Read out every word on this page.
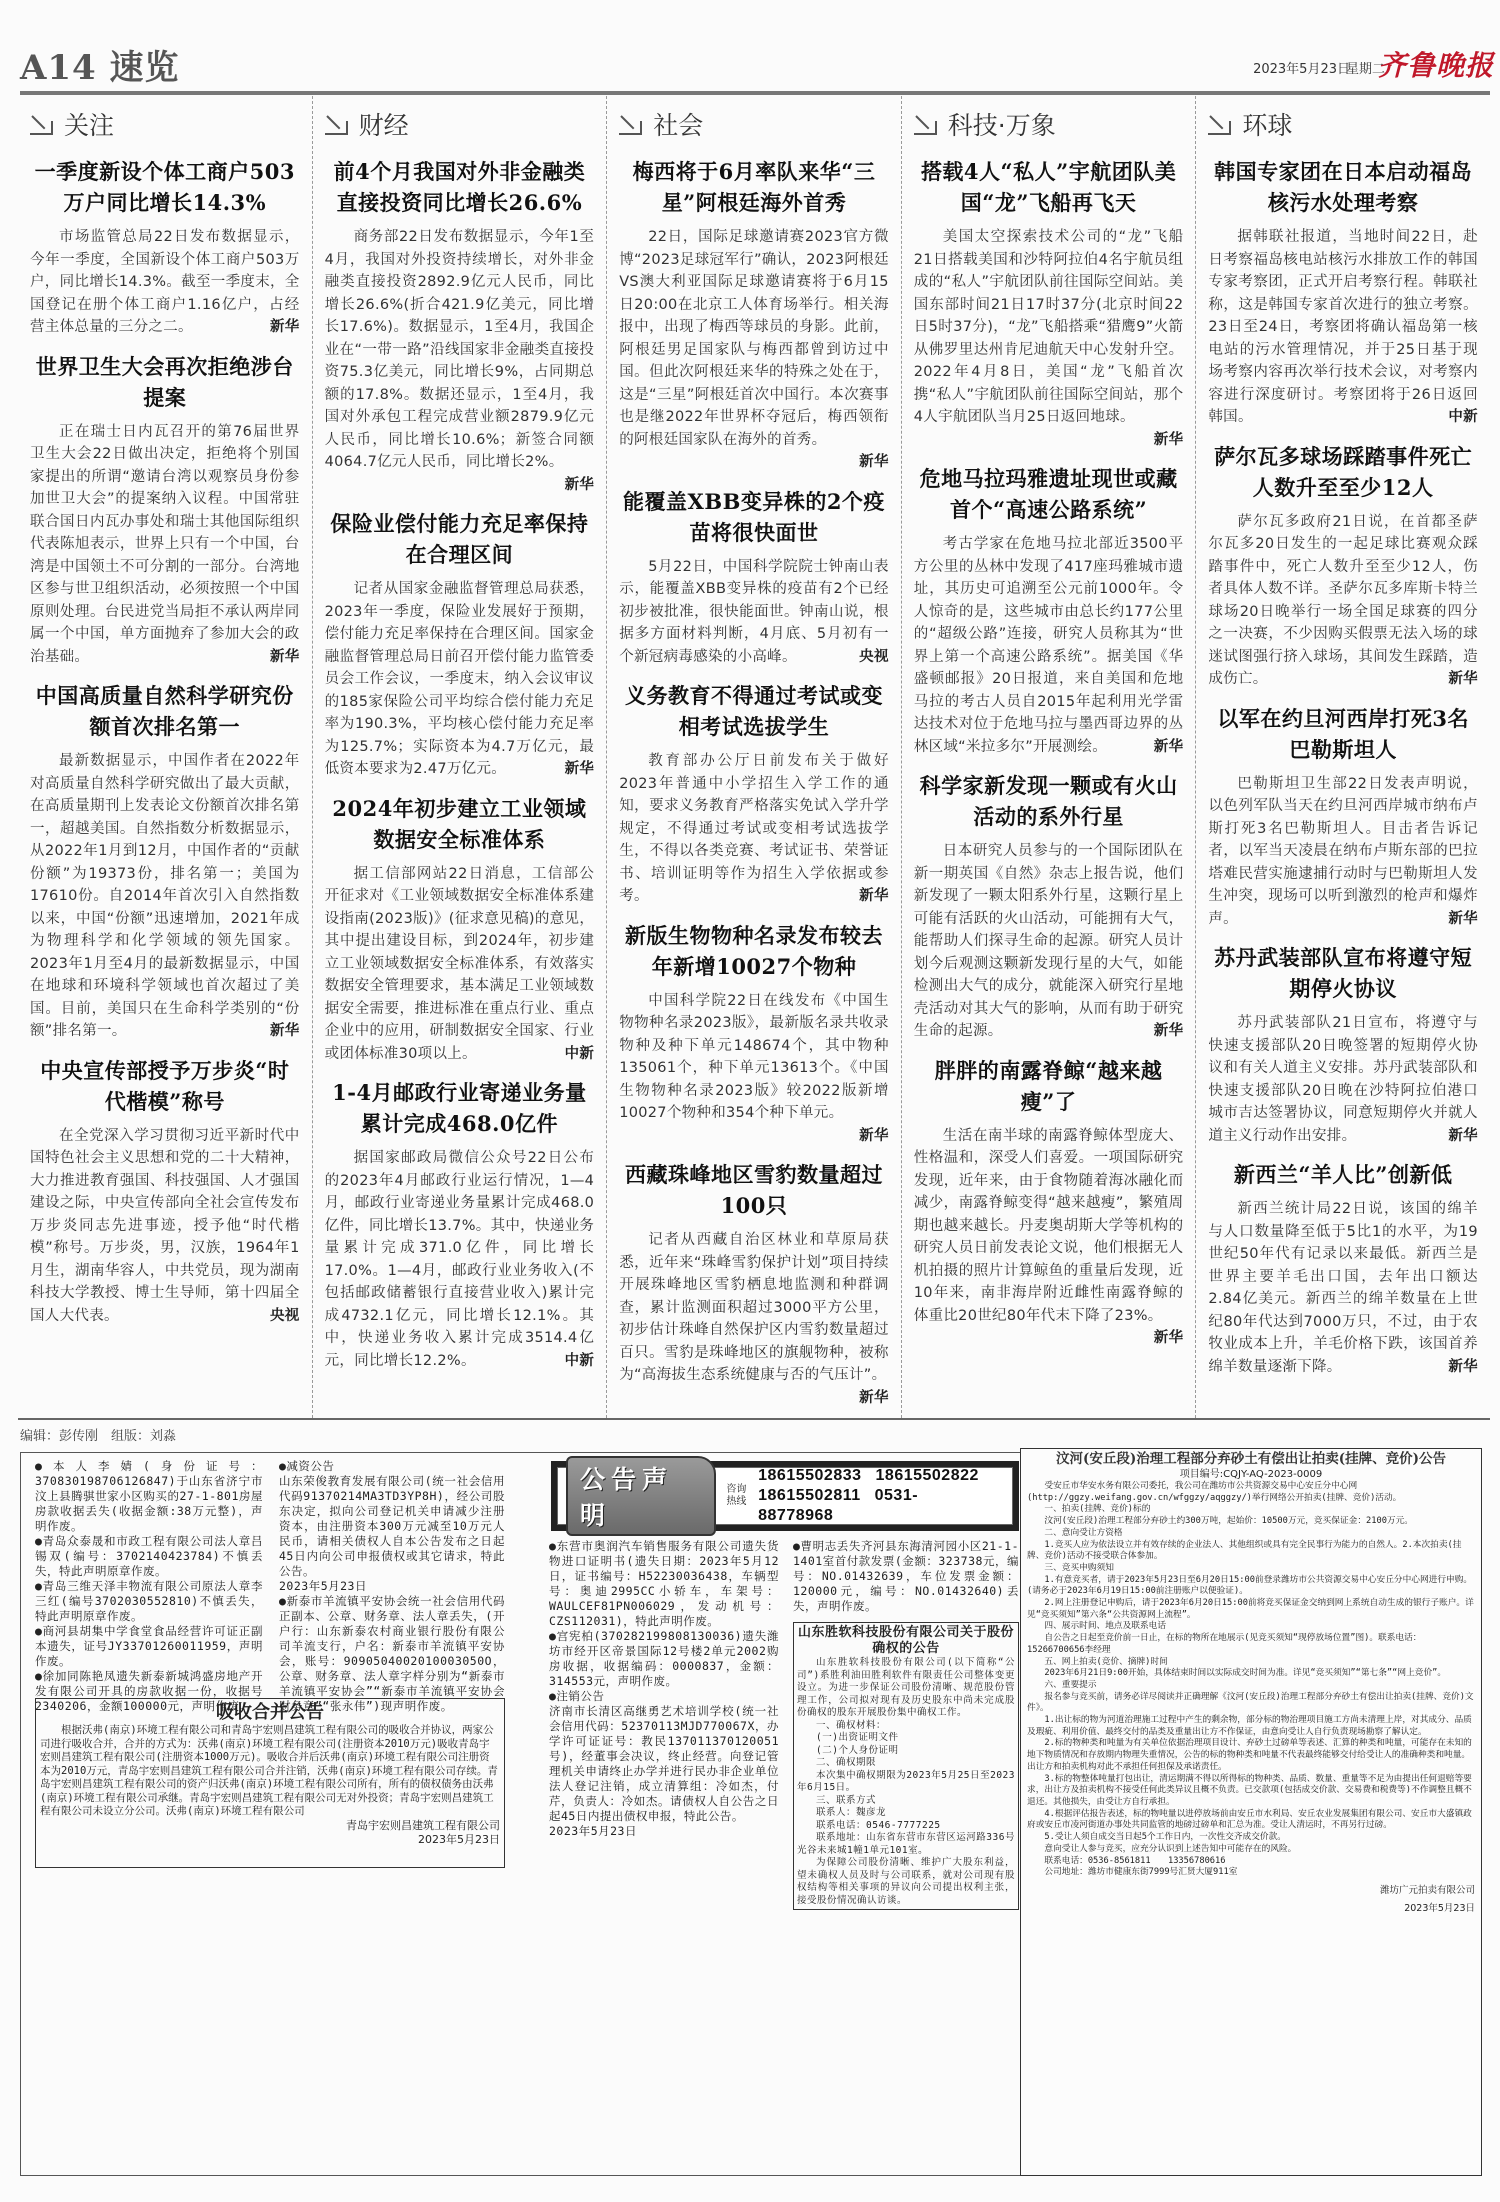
A14 速览	2023年5月23日
星期二
齐鲁晚报
关注
一季度新设个体工商户503万户同比增长14.3%
市场监管总局22日发布数据显示，今年一季度，全国新设个体工商户503万户，同比增长14.3%。截至一季度末，全国登记在册个体工商户1.16亿户，占经营主体总量的三分之二。	新华
世界卫生大会再次拒绝涉台提案
正在瑞士日内瓦召开的第76届世界卫生大会22日做出决定，拒绝将个别国家提出的所谓“邀请台湾以观察员身份参加世卫大会”的提案纳入议程。中国常驻联合国日内瓦办事处和瑞士其他国际组织代表陈旭表示，世界上只有一个中国，台湾是中国领土不可分割的一部分。台湾地区参与世卫组织活动，必须按照一个中国原则处理。台民进党当局拒不承认两岸同属一个中国，单方面抛弃了参加大会的政治基础。	新华
中国高质量自然科学研究份额首次排名第一
最新数据显示，中国作者在2022年对高质量自然科学研究做出了最大贡献，在高质量期刊上发表论文份额首次排名第一，超越美国。自然指数分析数据显示，从2022年1月到12月，中国作者的“贡献份额”为19373份，排名第一；美国为17610份。自2014年首次引入自然指数以来，中国“份额”迅速增加，2021年成为物理科学和化学领域的领先国家。2023年1月至4月的最新数据显示，中国在地球和环境科学领域也首次超过了美国。目前，美国只在生命科学类别的“份额”排名第一。	新华
中央宣传部授予万步炎“时代楷模”称号
在全党深入学习贯彻习近平新时代中国特色社会主义思想和党的二十大精神，大力推进教育强国、科技强国、人才强国建设之际，中央宣传部向全社会宣传发布万步炎同志先进事迹，授予他“时代楷模”称号。万步炎，男，汉族，1964年1月生，湖南华容人，中共党员，现为湖南科技大学教授、博士生导师，第十四届全国人大代表。	央视
财经
前4个月我国对外非金融类直接投资同比增长26.6%
商务部22日发布数据显示，今年1至4月，我国对外投资持续增长，对外非金融类直接投资2892.9亿元人民币，同比增长26.6%(折合421.9亿美元，同比增长17.6%)。数据显示，1至4月，我国企业在“一带一路”沿线国家非金融类直接投资75.3亿美元，同比增长9%，占同期总额的17.8%。数据还显示，1至4月，我国对外承包工程完成营业额2879.9亿元人民币，同比增长10.6%；新签合同额4064.7亿元人民币，同比增长2%。
新华
保险业偿付能力充足率保持在合理区间
记者从国家金融监督管理总局获悉，2023年一季度，保险业发展好于预期，偿付能力充足率保持在合理区间。国家金融监督管理总局日前召开偿付能力监管委员会工作会议，一季度末，纳入会议审议的185家保险公司平均综合偿付能力充足率为190.3%，平均核心偿付能力充足率为125.7%；实际资本为4.7万亿元，最低资本要求为2.47万亿元。	新华
2024年初步建立工业领域数据安全标准体系
据工信部网站22日消息，工信部公开征求对《工业领域数据安全标准体系建设指南(2023版)》(征求意见稿)的意见，其中提出建设目标，到2024年，初步建立工业领域数据安全标准体系，有效落实数据安全管理要求，基本满足工业领域数据安全需要，推进标准在重点行业、重点企业中的应用，研制数据安全国家、行业或团体标准30项以上。	中新
1-4月邮政行业寄递业务量累计完成468.0亿件
据国家邮政局微信公众号22日公布的2023年4月邮政行业运行情况，1—4月，邮政行业寄递业务量累计完成468.0亿件，同比增长13.7%。其中，快递业务量累计完成371.0亿件，同比增长17.0%。1—4月，邮政行业业务收入(不包括邮政储蓄银行直接营业收入)累计完成4732.1亿元，同比增长12.1%。其中，快递业务收入累计完成3514.4亿元，同比增长12.2%。	中新
社会
梅西将于6月率队来华“三星”阿根廷海外首秀
22日，国际足球邀请赛2023官方微博“2023足球冠军行”确认，2023阿根廷VS澳大利亚国际足球邀请赛将于6月15日20:00在北京工人体育场举行。相关海报中，出现了梅西等球员的身影。此前，阿根廷男足国家队与梅西都曾到访过中国。但此次阿根廷来华的特殊之处在于，这是“三星”阿根廷首次中国行。本次赛事也是继2022年世界杯夺冠后，梅西领衔的阿根廷国家队在海外的首秀。
新华
能覆盖XBB变异株的2个疫苗将很快面世
5月22日，中国科学院院士钟南山表示，能覆盖XBB变异株的疫苗有2个已经初步被批准，很快能面世。钟南山说，根据多方面材料判断，4月底、5月初有一个新冠病毒感染的小高峰。	央视
义务教育不得通过考试或变相考试选拔学生
教育部办公厅日前发布关于做好2023年普通中小学招生入学工作的通知，要求义务教育严格落实免试入学升学规定，不得通过考试或变相考试选拔学生，不得以各类竞赛、考试证书、荣誉证书、培训证明等作为招生入学依据或参考。	新华
新版生物物种名录发布较去年新增10027个物种
中国科学院22日在线发布《中国生物物种名录2023版》，最新版名录共收录物种及种下单元148674个，其中物种135061个，种下单元13613个。《中国生物物种名录2023版》较2022版新增10027个物种和354个种下单元。
新华
西藏珠峰地区雪豹数量超过100只
记者从西藏自治区林业和草原局获悉，近年来“珠峰雪豹保护计划”项目持续开展珠峰地区雪豹栖息地监测和种群调查，累计监测面积超过3000平方公里，初步估计珠峰自然保护区内雪豹数量超过百只。雪豹是珠峰地区的旗舰物种，被称为“高海拔生态系统健康与否的气压计”。
新华
科技·万象
搭载4人“私人”宇航团队美国“龙”飞船再飞天
美国太空探索技术公司的“龙”飞船21日搭载美国和沙特阿拉伯4名宇航员组成的“私人”宇航团队前往国际空间站。美国东部时间21日17时37分(北京时间22日5时37分)，“龙”飞船搭乘“猎鹰9”火箭从佛罗里达州肯尼迪航天中心发射升空。2022年4月8日，美国“龙”飞船首次携“私人”宇航团队前往国际空间站，那个4人宇航团队当月25日返回地球。
新华
危地马拉玛雅遗址现世或藏首个“高速公路系统”
考古学家在危地马拉北部近3500平方公里的丛林中发现了417座玛雅城市遗址，其历史可追溯至公元前1000年。令人惊奇的是，这些城市由总长约177公里的“超级公路”连接，研究人员称其为“世界上第一个高速公路系统”。据美国《华盛顿邮报》20日报道，来自美国和危地马拉的考古人员自2015年起利用光学雷达技术对位于危地马拉与墨西哥边界的丛林区域“米拉多尔”开展测绘。	新华
科学家新发现一颗或有火山活动的系外行星
日本研究人员参与的一个国际团队在新一期英国《自然》杂志上报告说，他们新发现了一颗太阳系外行星，这颗行星上可能有活跃的火山活动，可能拥有大气，能帮助人们探寻生命的起源。研究人员计划今后观测这颗新发现行星的大气，如能检测出大气的成分，就能深入研究行星地壳活动对其大气的影响，从而有助于研究生命的起源。	新华
胖胖的南露脊鲸“越来越瘦”了
生活在南半球的南露脊鲸体型庞大、性格温和，深受人们喜爱。一项国际研究发现，近年来，由于食物随着海冰融化而减少，南露脊鲸变得“越来越瘦”，繁殖周期也越来越长。丹麦奥胡斯大学等机构的研究人员日前发表论文说，他们根据无人机拍摄的照片计算鲸鱼的重量后发现，近10年来，南非海岸附近雌性南露脊鲸的体重比20世纪80年代末下降了23%。
新华
环球
韩国专家团在日本启动福岛核污水处理考察
据韩联社报道，当地时间22日，赴日考察福岛核电站核污水排放工作的韩国专家考察团，正式开启考察行程。韩联社称，这是韩国专家首次进行的独立考察。23日至24日，考察团将确认福岛第一核电站的污水管理情况，并于25日基于现场考察内容再次举行技术会议，对考察内容进行深度研讨。考察团将于26日返回韩国。	中新
萨尔瓦多球场踩踏事件死亡人数升至至少12人
萨尔瓦多政府21日说，在首都圣萨尔瓦多20日发生的一起足球比赛观众踩踏事件中，死亡人数升至至少12人，伤者具体人数不详。圣萨尔瓦多库斯卡特兰球场20日晚举行一场全国足球赛的四分之一决赛，不少因购买假票无法入场的球迷试图强行挤入球场，其间发生踩踏，造成伤亡。	新华
以军在约旦河西岸打死3名巴勒斯坦人
巴勒斯坦卫生部22日发表声明说，以色列军队当天在约旦河西岸城市纳布卢斯打死3名巴勒斯坦人。目击者告诉记者，以军当天凌晨在纳布卢斯东部的巴拉塔难民营实施逮捕行动时与巴勒斯坦人发生冲突，现场可以听到激烈的枪声和爆炸声。	新华
苏丹武装部队宣布将遵守短期停火协议
苏丹武装部队21日宣布，将遵守与快速支援部队20日晚签署的短期停火协议和有关人道主义安排。苏丹武装部队和快速支援部队20日晚在沙特阿拉伯港口城市吉达签署协议，同意短期停火并就人道主义行动作出安排。	新华
新西兰“羊人比”创新低
新西兰统计局22日说，该国的绵羊与人口数量降至低于5比1的水平，为19世纪50年代有记录以来最低。新西兰是世界主要羊毛出口国，去年出口额达2.84亿美元。新西兰的绵羊数量在上世纪80年代达到7000万只，不过，由于农牧业成本上升，羊毛价格下跌，该国首养绵羊数量逐渐下降。	新华
编辑：彭传刚　组版：刘淼

●本人李婧(身份证号：370830198706126847)于山东省济宁市汶上县腾骐世家小区购买的27-1-801房屋房款收据丢失(收据金额:38万元整)，声明作废。

●青岛众泰晟和市政工程有限公司法人章吕锡双(编号：3702140423784)不慎丢失，特此声明原章作废。

●青岛三维天泽丰物流有限公司原法人章李三红(编号3702030552810)不慎丢失，特此声明原章作废。

●商河县胡集中学食堂食品经营许可证正副本遗失，证号JY33701260011959，声明作废。

●徐加同陈艳凤遗失新泰新城鸿盛房地产开发有限公司开具的房款收据一份，收据号2340206，金额100000元，声明作废。

●减资公告

山东荣俊教育发展有限公司(统一社会信用代码91370214MA3TD3YP8H)，经公司股东决定，拟向公司登记机关申请减少注册资本，由注册资本300万元减至10万元人民币，请相关债权人自本公告发布之日起45日内向公司申报债权或其它请求，特此公告。

2023年5月23日

●新泰市羊流镇平安协会统一社会信用代码正副本、公章、财务章、法人章丢失，(开户行：山东新泰农村商业银行股份有限公司羊流支行，户名：新泰市羊流镇平安协会，账号：9090504002010003050O，公章、财务章、法人章字样分别为“新泰市羊流镇平安协会”“新泰市羊流镇平安协会财务章”“张永伟”)现声明作废。

吸收合并公告
根据沃弗(南京)环境工程有限公司和青岛宇宏则昌建筑工程有限公司的吸收合并协议，两家公司进行吸收合并，合并的方式为：沃弗(南京)环境工程有限公司(注册资本2010万元)吸收青岛宇宏则昌建筑工程有限公司(注册资本1000万元)。吸收合并后沃弗(南京)环境工程有限公司注册资本为2010万元，青岛宇宏则昌建筑工程有限公司合并注销，沃弗(南京)环境工程有限公司存续。青岛宇宏则昌建筑工程有限公司的资产归沃弗(南京)环境工程有限公司所有，所有的债权债务由沃弗(南京)环境工程有限公司承继。青岛宇宏则昌建筑工程有限公司无对外投资；青岛宇宏则昌建筑工程有限公司未设立分公司。沃弗(南京)环境工程有限公司
青岛宇宏则昌建筑工程有限公司
2023年5月23日
公告声明
咨询热线
18615502833 18615502822
18615502811 0531-88778968

●东营市奥润汽车销售服务有限公司遗失货物进口证明书(遗失日期：2023年5月12日，证书编号：H52230036438，车辆型号：奥迪2995CC小轿车，车架号：WAULCEF81PN006029，发动机号：CZS112031)，特此声明作废。

●宫宪柏(370282199808130036)遗失潍坊市经开区帝景国际12号楼2单元2002购房收据，收据编码：0000837，金额：314553元，声明作废。

●注销公告

济南市长清区高继勇艺术培训学校(统一社会信用代码：52370113MJD770067X，办学许可证证号：教民137011370120051号)，经董事会决议，终止经营。向登记管理机关申请终止办学并进行民办非企业单位法人登记注销，成立清算组：冷如杰，付芹，负责人：冷如杰。请债权人自公告之日起45日内提出债权申报，特此公告。

2023年5月23日

●曹明志丢失齐河县东海清河园小区21-1-1401室首付款发票(金额：323738元，编号：NO.01432639，车位发票金额：120000元，编号：NO.01432640)丢失，声明作废。

山东胜软科技股份有限公司关于股份确权的公告

山东胜软科技股份有限公司(以下简称“公司”)系胜利油田胜利软件有限责任公司整体变更设立。为进一步保证公司股份清晰、规范股份管理工作，公司拟对现有及历史股东中尚未完成股份确权的股东开展股份集中确权工作。

一、确权材料：

(一)出资证明文件

(二)个人身份证明

二、确权期限

本次集中确权期限为2023年5月25日至2023年6月15日。

三、联系方式

联系人：魏彦龙

联系电话：0546-7777225

联系地址：山东省东营市东营区运河路336号光谷未来城1幢1单元101室。

为保障公司股份清晰、维护广大股东利益，望未确权人员及时与公司联系，就对公司现有股权结构等相关事项的异议向公司提出权利主张，接受股份情况确认访谈。

汶河(安丘段)治理工程部分弃砂土有偿出让拍卖(挂牌、竞价)公告
项目编号:CQJY-AQ-2023-0009

受安丘市华安水务有限公司委托，我公司在潍坊市公共资源交易中心安丘分中心网(http://ggzy.weifang.gov.cn/wfggzy/aqggzy/)举行网络公开拍卖(挂牌、竞价)活动。

一、拍卖(挂牌、竞价)标的

汶河(安丘段)治理工程部分弃砂土约300万吨，起始价：10500万元，竞买保证金：2100万元。

二、意向受让方资格

1.竞买人应为依法设立并有效存续的企业法人、其他组织或具有完全民事行为能力的自然人。2.本次拍卖(挂牌、竞价)活动不接受联合体参加。

三、竞买申购须知

1.有意竞买者，请于2023年5月23日至6月20日15:00前登录潍坊市公共资源交易中心安丘分中心网进行申购。(请务必于2023年6月19日15:00前注册账户以便验证)。

2.网上注册登记申购后，请于2023年6月20日15:00前将竞买保证金交纳到网上系统自动生成的银行子账户。详见“竞买须知”第六条“公共资源网上流程”。

四、展示时间、地点及联系电话

自公告之日起至竞价前一日止，在标的物所在地展示(见竞买须知“现停放场位置”图)。联系电话：15266700656李经理

五、网上拍卖(竞价、摘牌)时间

2023年6月21日9:00开始，具体结束时间以实际成交时间为准。详见“竞买须知”“第七条”“网上竞价”。

六、重要提示

报名参与竞买前，请务必详尽阅读并正确理解《汶河(安丘段)治理工程部分弃砂土有偿出让拍卖(挂牌、竞价)文件》。

1.出让标的物为河道治理施工过程中产生的剩余物，部分标的物治理项目施工方尚未清理上岸，对其成分、品质及瑕疵、利用价值、最终交付的品类及重量出让方不作保证，由意向受让人自行负责现场勘察了解认定。

2.标的物种类和吨量为有关单位依据治理项目设计、弃砂土过磅单等表述、汇算的种类和吨量，可能存在未知的地下物质情况和存放期内物理失重情况，公告的标的物种类和吨量不代表最终能够交付给受让人的准确种类和吨量。出让方和拍卖机构对此不承担任何担保及承诺责任。

3.标的物整体吨量打包出让，清运期满不得以所得标的物种类、品质、数量、重量等不足为由提出任何退赔等要求，出让方及拍卖机构不接受任何此类异议且概不负责。已交款项(包括成交价款、交易费和税费等)不作调整且概不退还。其他损失，由受让方自行承担。

4.根据评估报告表述，标的物吨量以进停放场前由安丘市水利局、安丘农业发展集团有限公司、安丘市大盛镇政府或安丘市凌河街道办事处共同监管的地磅过磅单和汇总为准。受让人清运时，不再另行过磅。

5.受让人须自成交当日起5个工作日内，一次性交齐成交价款。

意向受让人参与竞买，应充分认识到上述告知中可能存在的风险。

联系电话：0536-8561811　　13356780616

公司地址：潍坊市健康东街7999号汇贤大厦911室

潍坊广元拍卖有限公司
2023年5月23日
